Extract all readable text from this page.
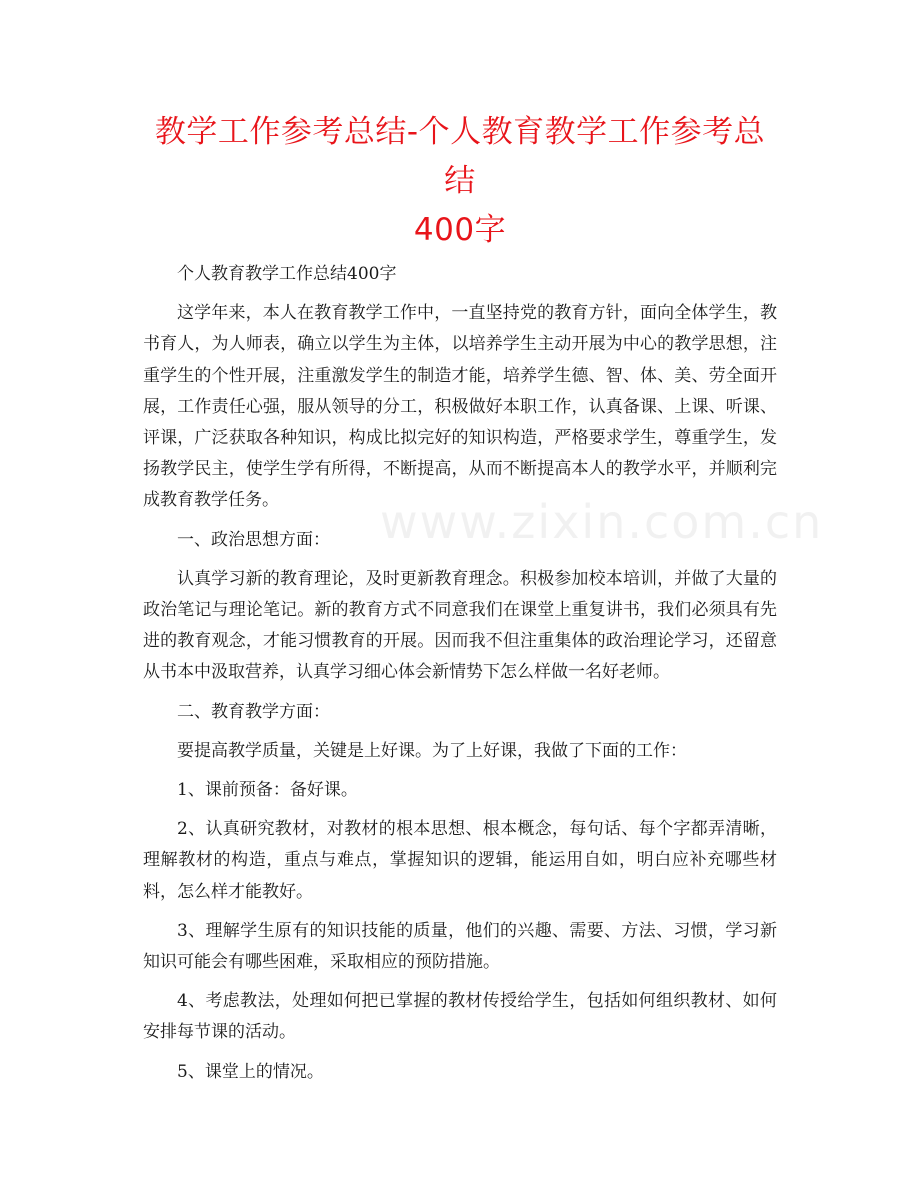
www.zixin.com.cn
教学工作参考总结-个人教育教学工作参考总结
400字

个人教育教学工作总结400字

这学年来，本人在教育教学工作中，一直坚持党的教育方针，面向全体学生，教书育人，为人师表，确立以学生为主体，以培养学生主动开展为中心的教学思想，注重学生的个性开展，注重激发学生的制造才能，培养学生德、智、体、美、劳全面开展，工作责任心强，服从领导的分工，积极做好本职工作，认真备课、上课、听课、评课，广泛获取各种知识，构成比拟完好的知识构造，严格要求学生，尊重学生，发扬教学民主，使学生学有所得，不断提高，从而不断提高本人的教学水平，并顺利完成教育教学任务。

一、政治思想方面：

认真学习新的教育理论，及时更新教育理念。积极参加校本培训，并做了大量的政治笔记与理论笔记。新的教育方式不同意我们在课堂上重复讲书，我们必须具有先进的教育观念，才能习惯教育的开展。因而我不但注重集体的政治理论学习，还留意从书本中汲取营养，认真学习细心体会新情势下怎么样做一名好老师。

二、教育教学方面：

要提高教学质量，关键是上好课。为了上好课，我做了下面的工作：

1、课前预备：备好课。

2、认真研究教材，对教材的根本思想、根本概念，每句话、每个字都弄清晰，理解教材的构造，重点与难点，掌握知识的逻辑，能运用自如，明白应补充哪些材料，怎么样才能教好。

3、理解学生原有的知识技能的质量，他们的兴趣、需要、方法、习惯，学习新知识可能会有哪些困难，采取相应的预防措施。

4、考虑教法，处理如何把已掌握的教材传授给学生，包括如何组织教材、如何安排每节课的活动。

5、课堂上的情况。
